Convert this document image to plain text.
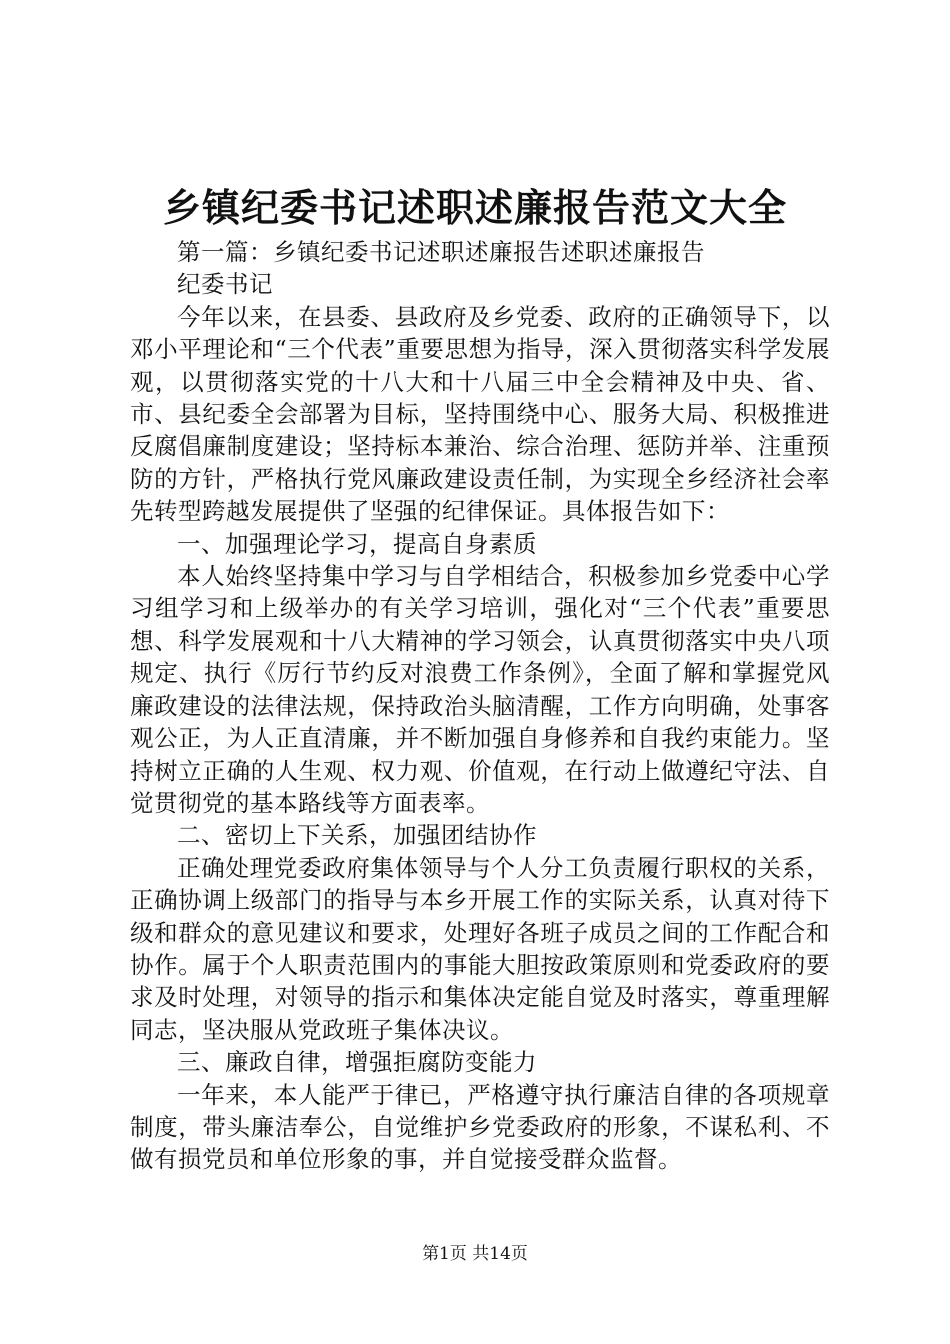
乡镇纪委书记述职述廉报告范文大全

第一篇：乡镇纪委书记述职述廉报告述职述廉报告

纪委书记

今年以来，在县委、县政府及乡党委、政府的正确领导下，以邓小平理论和“三个代表”重要思想为指导，深入贯彻落实科学发展观，以贯彻落实党的十八大和十八届三中全会精神及中央、省、市、县纪委全会部署为目标，坚持围绕中心、服务大局、积极推进反腐倡廉制度建设；坚持标本兼治、综合治理、惩防并举、注重预防的方针，严格执行党风廉政建设责任制，为实现全乡经济社会率先转型跨越发展提供了坚强的纪律保证。具体报告如下：

一、加强理论学习，提高自身素质

本人始终坚持集中学习与自学相结合，积极参加乡党委中心学习组学习和上级举办的有关学习培训，强化对“三个代表”重要思想、科学发展观和十八大精神的学习领会，认真贯彻落实中央八项规定、执行《厉行节约反对浪费工作条例》，全面了解和掌握党风廉政建设的法律法规，保持政治头脑清醒，工作方向明确，处事客观公正，为人正直清廉，并不断加强自身修养和自我约束能力。坚持树立正确的人生观、权力观、价值观，在行动上做遵纪守法、自觉贯彻党的基本路线等方面表率。

二、密切上下关系，加强团结协作

正确处理党委政府集体领导与个人分工负责履行职权的关系，正确协调上级部门的指导与本乡开展工作的实际关系，认真对待下级和群众的意见建议和要求，处理好各班子成员之间的工作配合和协作。属于个人职责范围内的事能大胆按政策原则和党委政府的要求及时处理，对领导的指示和集体决定能自觉及时落实，尊重理解同志，坚决服从党政班子集体决议。

三、廉政自律，增强拒腐防变能力

一年来，本人能严于律已，严格遵守执行廉洁自律的各项规章制度，带头廉洁奉公，自觉维护乡党委政府的形象，不谋私利、不做有损党员和单位形象的事，并自觉接受群众监督。

第1页 共14页
